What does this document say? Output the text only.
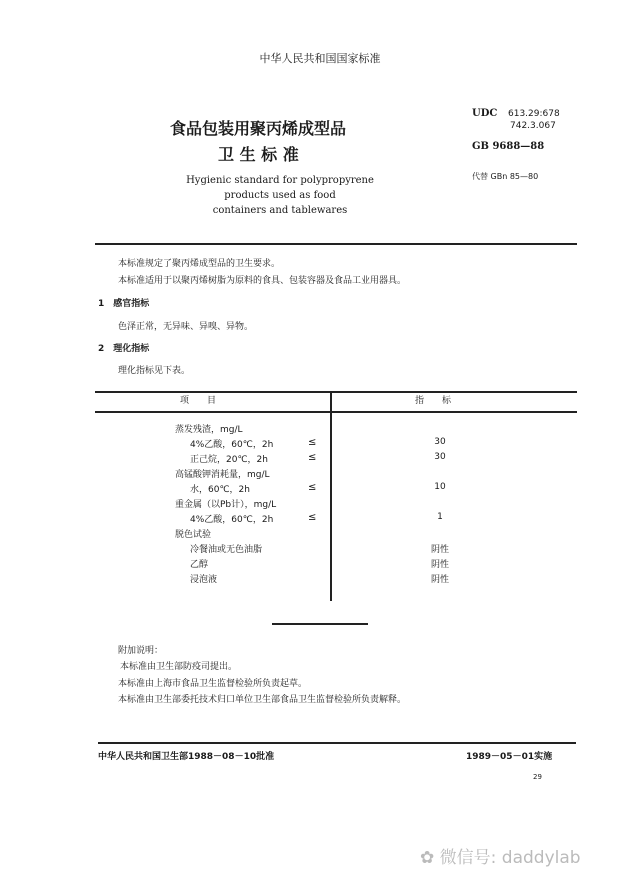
中华人民共和国国家标准
食品包装用聚丙烯成型品
卫 生 标 准
Hygienic standard for polypropyrene
products used as food
containers and tablewares
UDC 613.29:678
742.3.067
GB 9688—88
代替 GBn 85—80
本标准规定了聚丙烯成型品的卫生要求。
本标准适用于以聚丙烯树脂为原料的食具、包装容器及食品工业用器具。
1　感官指标
色泽正常，无异味、异嗅、异物。
2　理化指标
理化指标见下表。
项　　目	指　　标
蒸发残渣，mg/L
4%乙酸，60℃，2h	≤	30
正己烷，20℃，2h	≤	30
高锰酸钾消耗量，mg/L
水，60℃，2h	≤	10
重金属（以Pb计），mg/L
4%乙酸，60℃，2h	≤	1
脱色试验
冷餐油或无色油脂	阴性
乙醇	阴性
浸泡液	阴性
附加说明：
本标准由卫生部防疫司提出。
本标准由上海市食品卫生监督检验所负责起草。
本标准由卫生部委托技术归口单位卫生部食品卫生监督检验所负责解释。
中华人民共和国卫生部1988－08－10批准	1989－05－01实施
29
✿ 微信号: daddylab
